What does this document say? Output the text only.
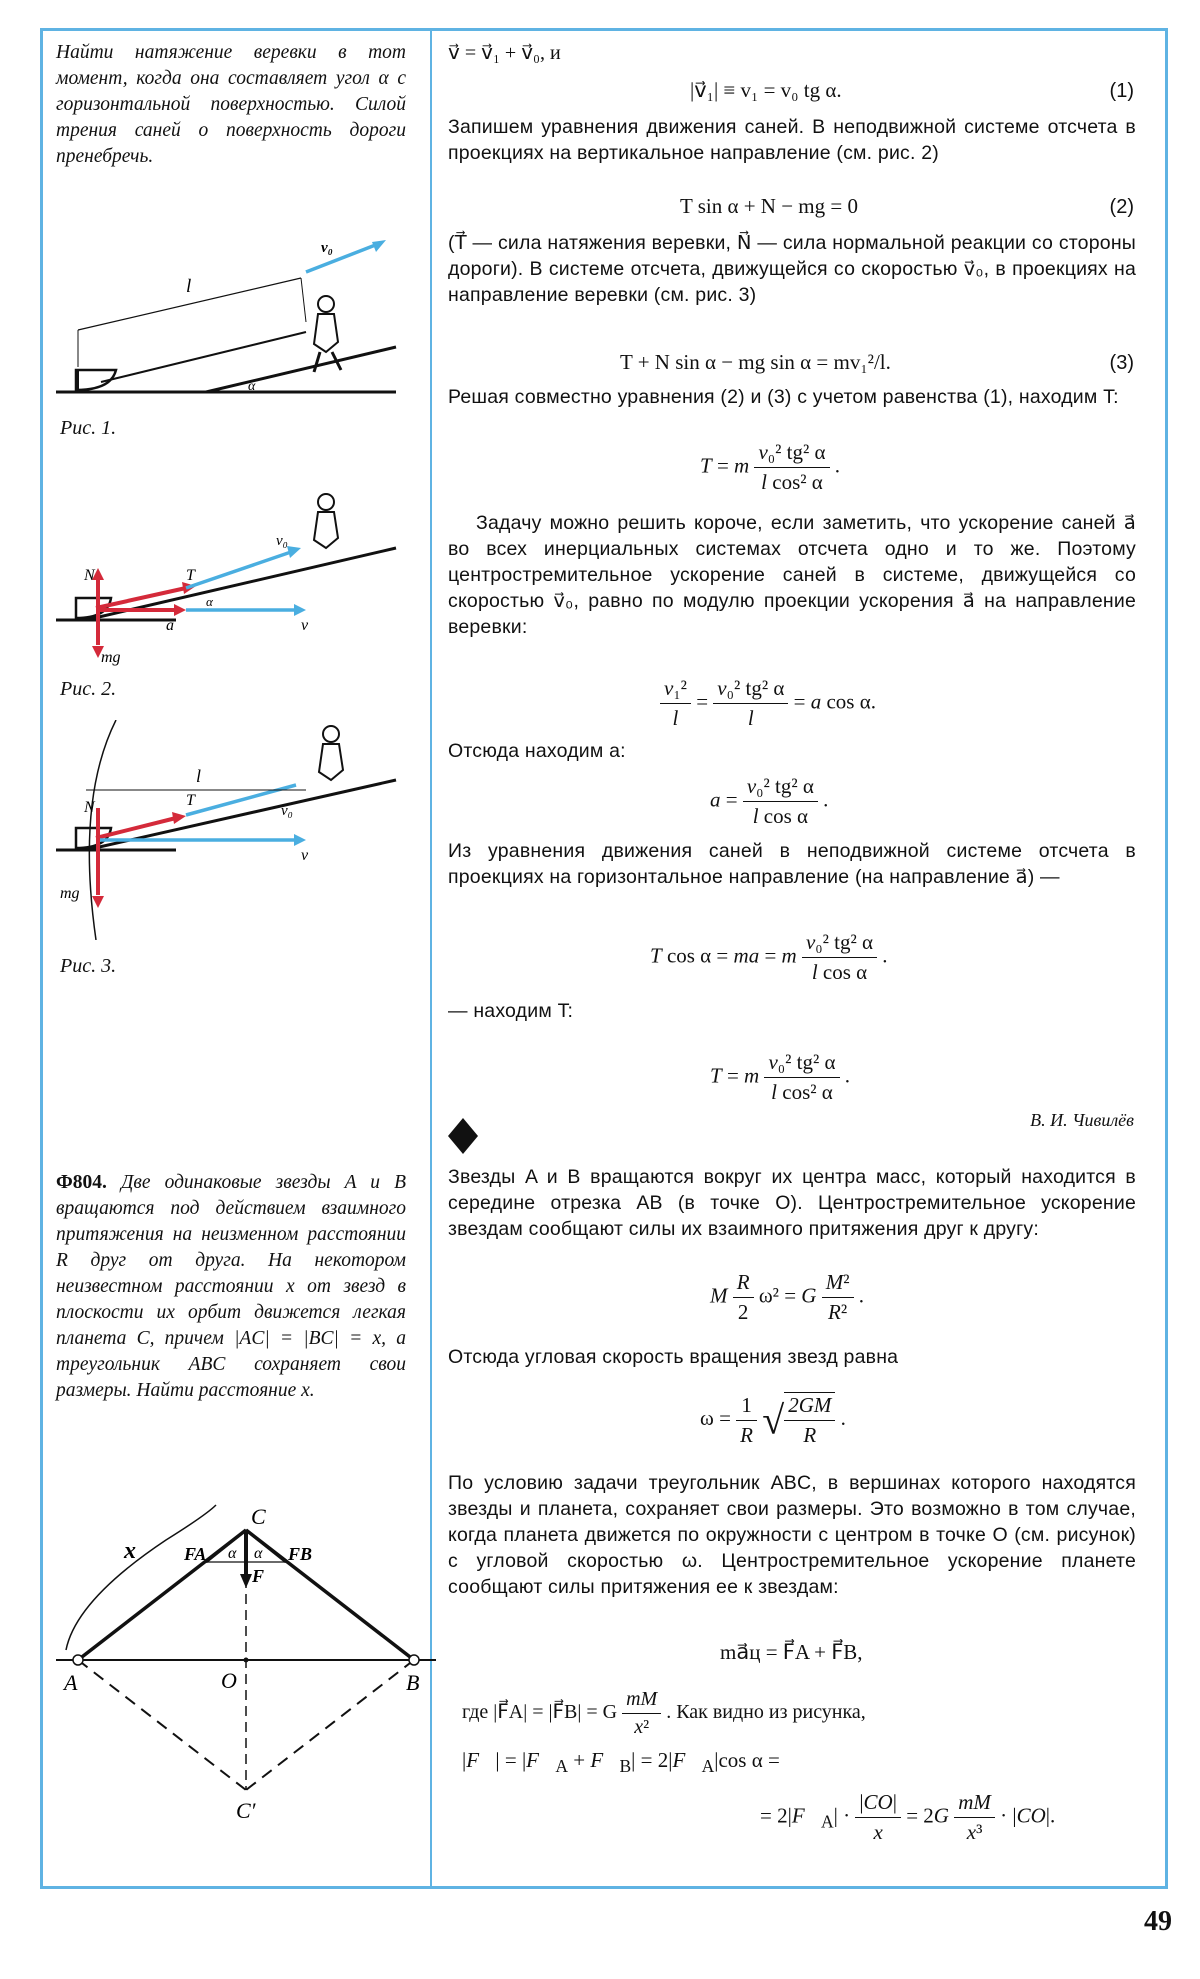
Найти натяжение веревки в тот момент, когда она составляет угол α с горизонтальной поверхностью. Силой трения саней о поверхность дороги пренебречь.
l
v₀
α
Рис. 1.
N
mg
T
a	v
v₀
α
Рис. 2.
l
N
mg
T
v
v₀
Рис. 3.
Ф804. Две одинаковые звезды A и B вращаются под действием взаимного притяжения на неизменном расстоянии R друг от друга. На некотором неизвестном расстоянии x от звезд в плоскости их орбит движется легкая планета C, причем |AC| = |BC| = x, а треугольник ABC сохраняет свои размеры. Найти расстояние x.
A	B
C
O
C′
x	FA	FB
F
α α
v⃗ = v⃗₁ + v⃗₀, и
|v⃗₁| ≡ v₁ = v₀ tg α.	(1)
Запишем уравнения движения саней. В неподвижной системе отсчета в проекциях на вертикальное направление (см. рис. 2)
T sin α + N − mg = 0	(2)
(T⃗ — сила натяжения веревки, N⃗ — сила нормальной реакции со стороны дороги). В системе отсчета, движущейся со скоростью v⃗₀, в проекциях на направление веревки (см. рис. 3)
T + N sin α − mg sin α = mv₁²/l.	(3)
Решая совместно уравнения (2) и (3) с учетом равенства (1), находим T:
T = m $\frac{\text{v₀² tg² α}}{\text{l cos² α}}$ .
Задачу можно решить короче, если заметить, что ускорение саней a⃗ во всех инерциальных системах отсчета одно и то же. Поэтому центростремительное ускорение саней в системе, движущейся со скоростью v⃗₀, равно по модулю проекции ускорения a⃗ на направление веревки:
$\frac{\text{v₁²}}{l} = \frac{\text{v₀² tg² α}}{l} = a$ cos α.
Отсюда находим a:
$a = \frac{\text{v₀² tg² α}}{\text{l cos α}}$ .
Из уравнения движения саней в неподвижной системе отсчета в проекциях на горизонтальное направление (на направление a⃗) —
T cos α = ma = m $\frac{\text{v₀² tg² α}}{\text{l cos α}}$ .
— находим T:
T = m $\frac{\text{v₀² tg² α}}{\text{l cos² α}}$ .
В. И. Чивилёв
Звезды A и B вращаются вокруг их центра масс, который находится в середине отрезка AB (в точке O). Центростремительное ускорение звездам сообщают силы их взаимного притяжения друг к другу:
M $\frac{R}{2} \omega^2 = G \frac{\text{M²}}{\text{R²}}$ .
Отсюда угловая скорость вращения звезд равна
$\omega = \frac{1}{R}$ √ $\frac{2GM}{R}$ .
По условию задачи треугольник ABC, в вершинах которого находятся звезды и планета, сохраняет свои размеры. Это возможно в том случае, когда планета движется по окружности с центром в точке O (см. рисунок) с угловой скоростью ω. Центростремительное ускорение планете сообщают силы притяжения ее к звездам:
ma⃗ц = F⃗A + F⃗B,
где |F⃗A| = |F⃗B| = G $\frac{mM}{\text{x²}}$ . Как видно из рисунка,
|F⃗| = $|F⃗_A$ + $F⃗_B|$ = $2|F⃗_A|\cos$ α =
= $2|F⃗_A| \cdot \frac{|CO|}{x} = 2G \frac{mM}{\text{x³}} \cdot |CO|$.
49
